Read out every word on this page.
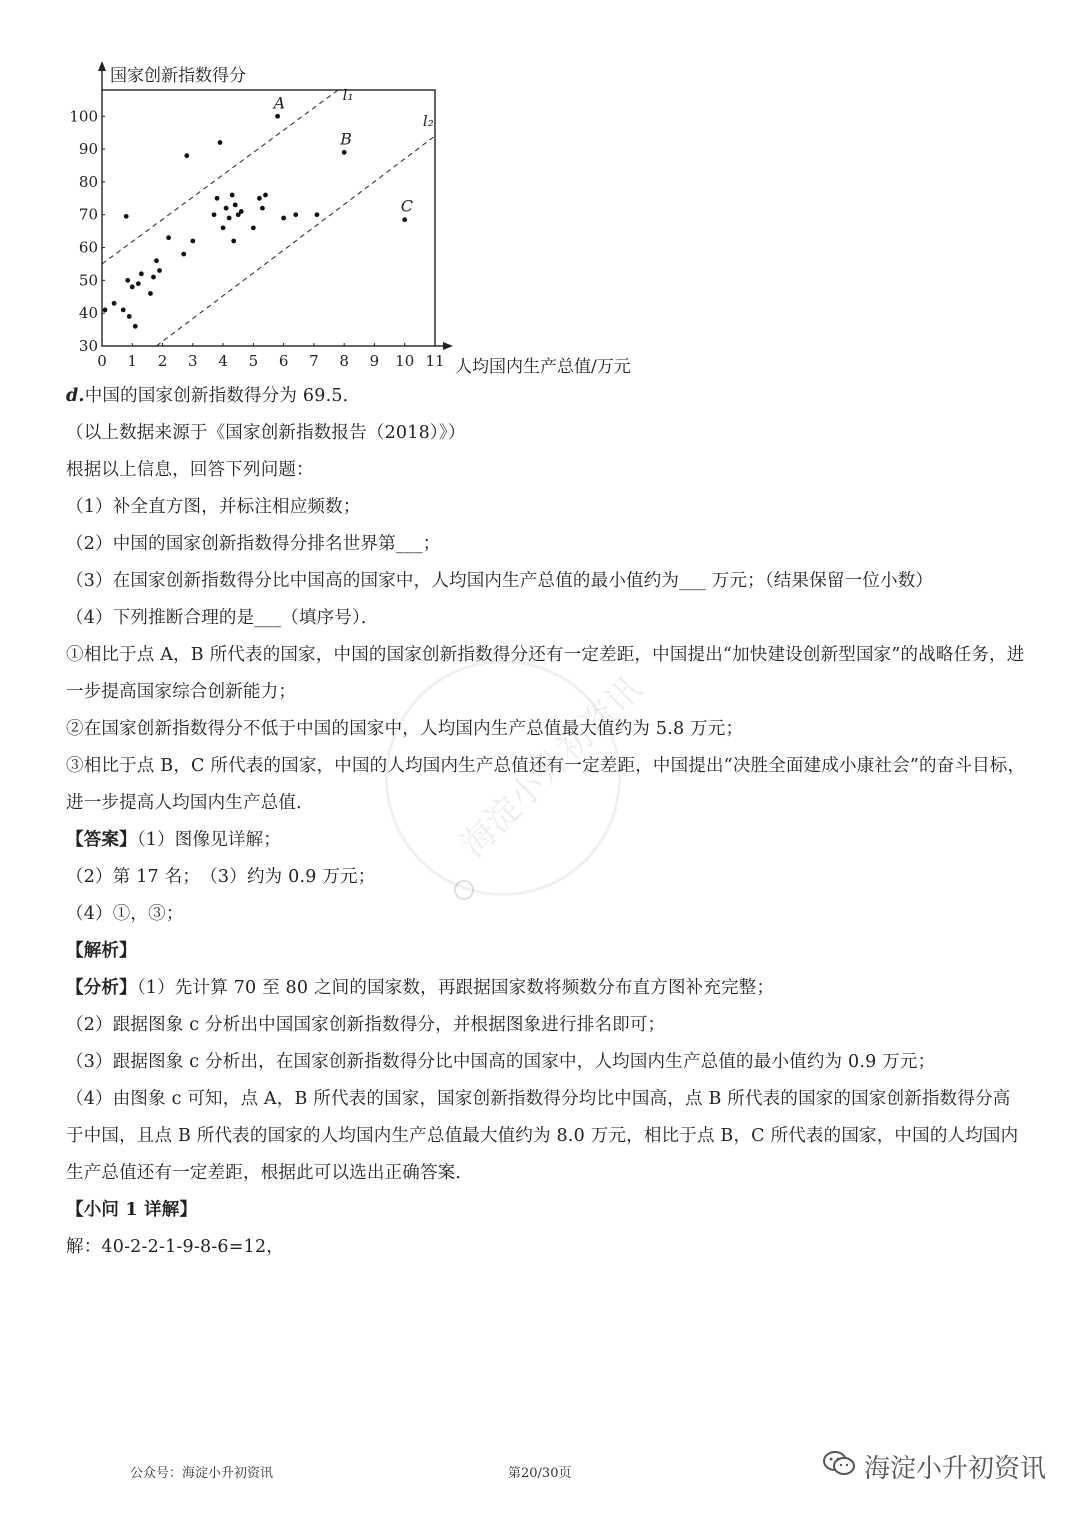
l₁
l₂
30
40
50
60
70
80
90
100
0 1 2 3 4 5 6 7 8 9 10 11
国家创新指数得分
人均国内生产总值/万元
A
B
C
海淀小升初资讯
d.中国的国家创新指数得分为 69.5．
（以上数据来源于《国家创新指数报告（2018）》）
根据以上信息，回答下列问题：
（1）补全直方图，并标注相应频数；
（2）中国的国家创新指数得分排名世界第___；
（3）在国家创新指数得分比中国高的国家中，人均国内生产总值的最小值约为___ 万元；（结果保留一位小数）
（4）下列推断合理的是___（填序号）．
①相比于点 A，B 所代表的国家，中国的国家创新指数得分还有一定差距，中国提出“加快建设创新型国家”的战略任务，进一步提高国家综合创新能力；
②在国家创新指数得分不低于中国的国家中，人均国内生产总值最大值约为 5.8 万元；
③相比于点 B，C 所代表的国家，中国的人均国内生产总值还有一定差距，中国提出“决胜全面建成小康社会”的奋斗目标，进一步提高人均国内生产总值．
【答案】（1）图像见详解；
（2）第 17 名；　（3）约为 0.9 万元；
（4）①，③；
【解析】
【分析】（1）先计算 70 至 80 之间的国家数，再跟据国家数将频数分布直方图补充完整；
（2）跟据图象 c 分析出中国国家创新指数得分，并根据图象进行排名即可；
（3）跟据图象 c 分析出，在国家创新指数得分比中国高的国家中，人均国内生产总值的最小值约为 0.9 万元；
（4）由图象 c 可知，点 A，B 所代表的国家，国家创新指数得分均比中国高，点 B 所代表的国家的国家创新指数得分高于中国，且点 B 所代表的国家的人均国内生产总值最大值约为 8.0 万元，相比于点 B，C 所代表的国家，中国的人均国内生产总值还有一定差距，根据此可以选出正确答案．
【小问 1 详解】
解：40-2-2-1-9-8-6=12，
公众号：海淀小升初资讯	第20/30页	海淀小升初资讯
